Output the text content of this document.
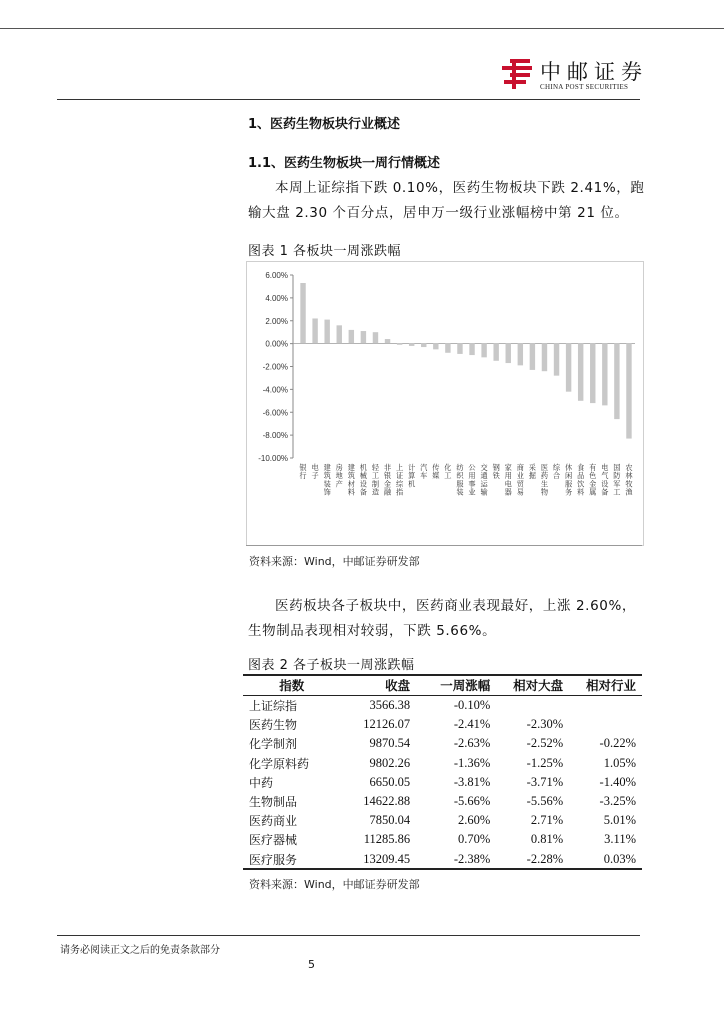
中邮证券
CHINA POST SECURITIES
1、医药生物板块行业概述
1.1、医药生物板块一周行情概述
本周上证综指下跌 0.10%，医药生物板块下跌 2.41%，跑输大盘 2.30 个百分点，居申万一级行业涨幅榜中第 21 位。
图表 1 各板块一周涨跌幅
6.00%
4.00%
2.00%
0.00%
-2.00%
-4.00%
-6.00%
-8.00%
-10.00%
银行
电子
建筑装饰
房地产
建筑材料
机械设备
轻工制造
非银金融
上证综指
计算机
汽车
传媒
化工
纺织服装
公用事业
交通运输
钢铁
家用电器
商业贸易
采掘
医药生物
综合
休闲服务
食品饮料
有色金属
电气设备
国防军工
农林牧渔
资料来源：Wind，中邮证券研发部
医药板块各子板块中，医药商业表现最好，上涨 2.60%，生物制品表现相对较弱，下跌 5.66%。
图表 2 各子板块一周涨跌幅
指数	收盘	一周涨幅	相对大盘	相对行业
上证综指	3566.38	-0.10%		
医药生物	12126.07	-2.41%	-2.30%	
化学制剂	9870.54	-2.63%	-2.52%	-0.22%
化学原料药	9802.26	-1.36%	-1.25%	1.05%
中药	6650.05	-3.81%	-3.71%	-1.40%
生物制品	14622.88	-5.66%	-5.56%	-3.25%
医药商业	7850.04	2.60%	2.71%	5.01%
医疗器械	11285.86	0.70%	0.81%	3.11%
医疗服务	13209.45	-2.38%	-2.28%	0.03%
资料来源：Wind，中邮证券研发部
请务必阅读正文之后的免责条款部分
5
